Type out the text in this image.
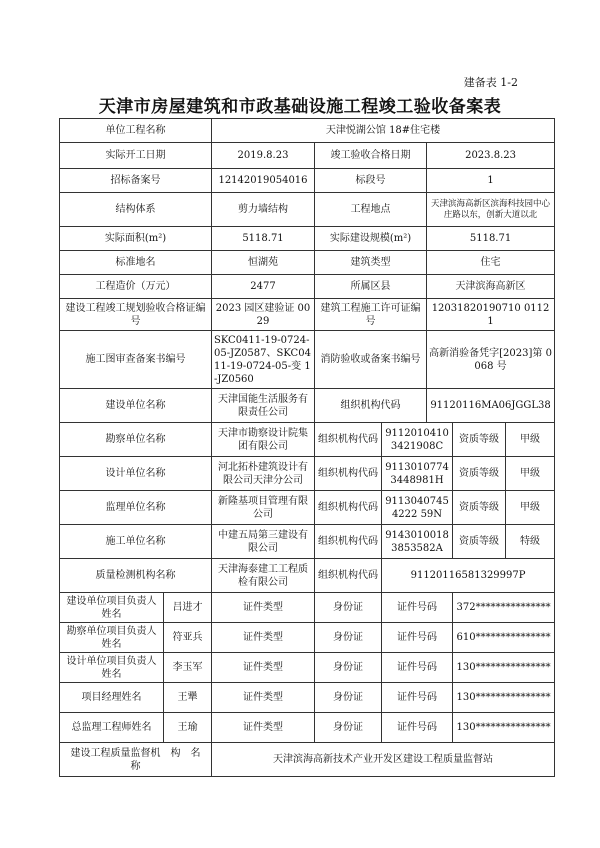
建备表 1-2
天津市房屋建筑和市政基础设施工程竣工验收备案表
单位工程名称		天津悦湖公馆 18#住宅楼					
实际开工日期		2019.8.23	竣工验收合格日期		2023.8.23		
招标备案号		12142019054016	标段号		1		
结构体系		剪力墙结构	工程地点		天津滨海高新区滨海科技园中心庄路以东，创新大道以北		
实际面积(m²)		5118.71	实际建设规模(m²)		5118.71		
标准地名		恒湖苑	建筑类型		住宅		
工程造价（万元）		2477	所属区县		天津滨海高新区		
建设工程竣工规划验收合格证编号		2023 园区建验证 0029	建筑工程施工许可证编号		12031820190710 01121		
施工图审查备案书编号		SKC0411-19-0724-05-JZ0587、SKC0411-19-0724-05-变 1-JZ0560	消防验收或备案书编号		高新消验备凭字[2023]第 0068 号		
建设单位名称		天津国能生活服务有限责任公司	组织机构代码		91120116MA06JGGL38		
勘察单位名称		天津市勘察设计院集团有限公司	组织机构代码	91120104103421908C		资质等级	甲级
设计单位名称		河北拓朴建筑设计有限公司天津分公司	组织机构代码	91130107743448981H		资质等级	甲级
监理单位名称		新隆基项目管理有限公司	组织机构代码	91130407454222 59N		资质等级	甲级
施工单位名称		中建五局第三建设有限公司	组织机构代码	91430100183853582A		资质等级	特级
质量检测机构名称		天津海泰建工工程质检有限公司	组织机构代码	91120116581329997P			
建设单位项目负责人姓名	吕进才	证件类型	身份证	证件号码		372***************	
勘察单位项目负责人姓名	符亚兵	证件类型	身份证	证件号码		610***************	
设计单位项目负责人姓名	李玉军	证件类型	身份证	证件号码		130***************	
项目经理姓名	王犟	证件类型	身份证	证件号码		130***************	
总监理工程师姓名	王瑜	证件类型	身份证	证件号码		130***************	
建设工程质量监督机　构　名　称		天津滨海高新技术产业开发区建设工程质量监督站					
